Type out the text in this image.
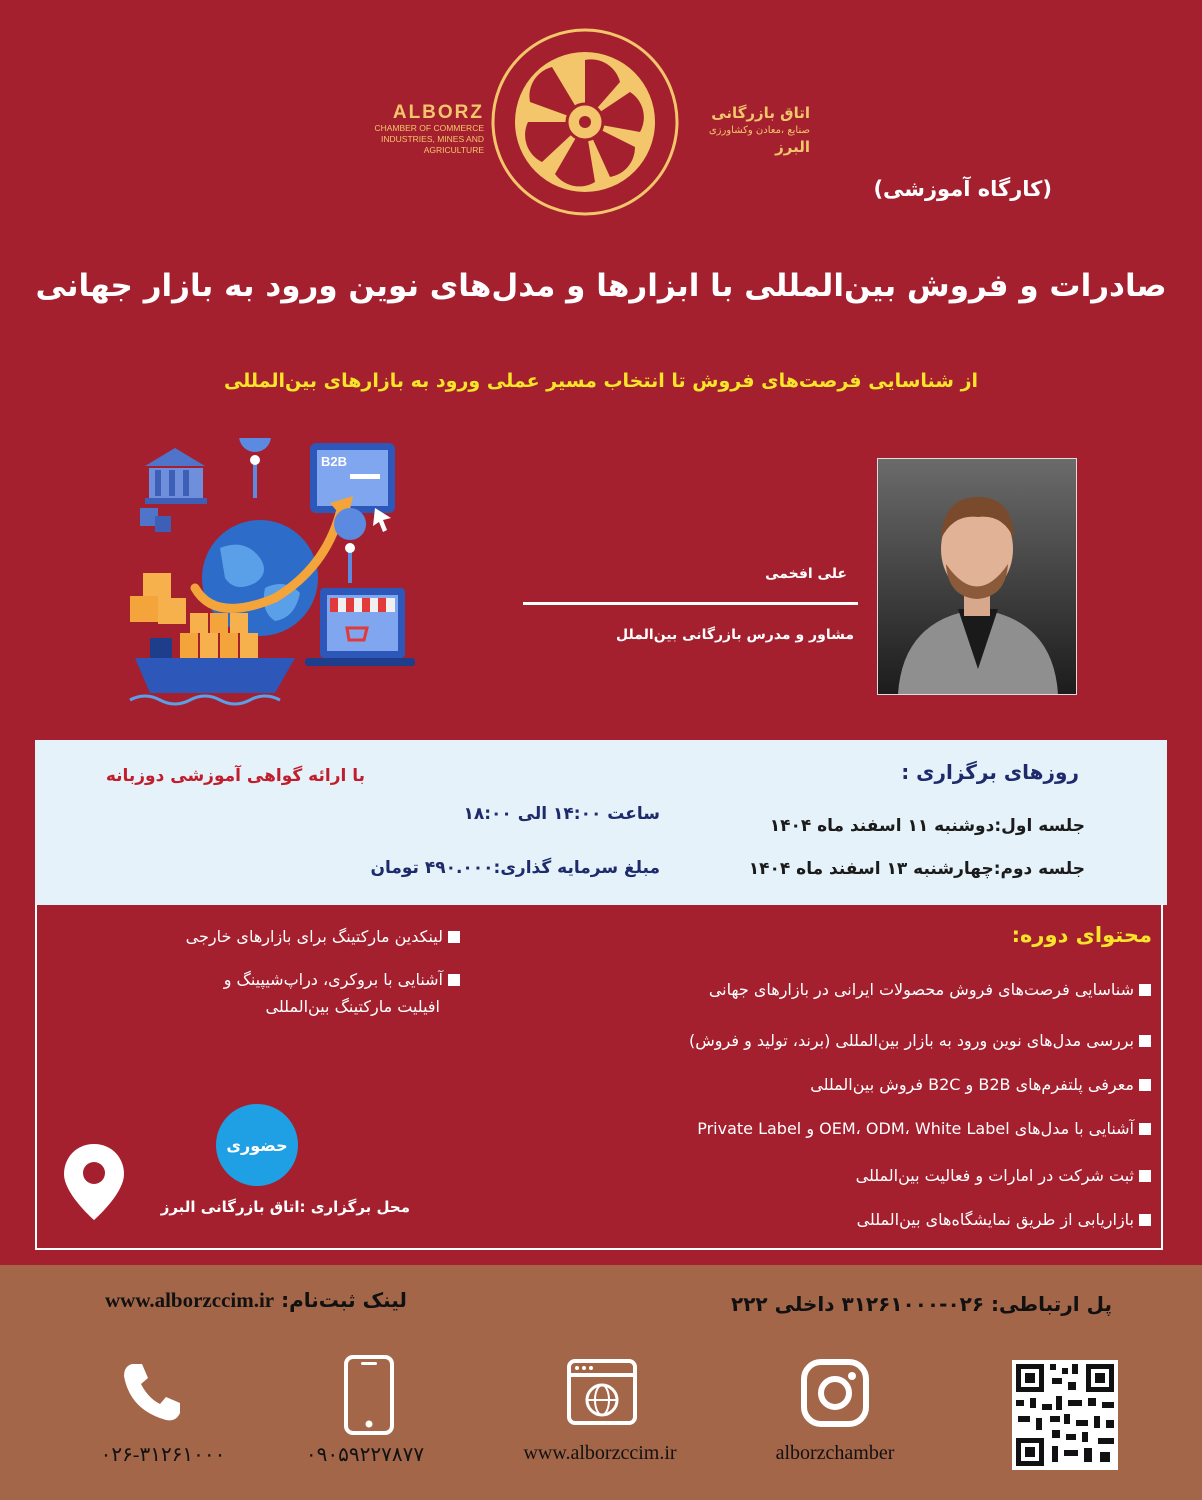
ALBORZ
CHAMBER OF COMMERCE
INDUSTRIES, MINES AND AGRICULTURE
اتاق بازرگانی
صنایع ،معادن وکشاورزی
البرز
(کارگاه آموزشی)
صادرات و فروش بین‌المللی با ابزارها و مدل‌های نوین ورود به بازار جهانی
از شناسایی فرصت‌های فروش تا انتخاب مسیر عملی ورود به بازارهای بین‌المللی
B2B
علی افخمی
مشاور و مدرس بازرگانی بین‌الملل
روزهای برگزاری :
جلسه اول:دوشنبه ۱۱ اسفند ماه ۱۴۰۴
جلسه دوم:چهارشنبه ۱۳ اسفند ماه ۱۴۰۴
با ارائه گواهی آموزشی دوزبانه
ساعت ۱۴:۰۰ الی ۱۸:۰۰
مبلغ سرمایه گذاری:۴۹۰.۰۰۰ تومان
محتوای دوره:
شناسایی فرصت‌های فروش محصولات ایرانی در بازارهای جهانی
بررسی مدل‌های نوین ورود به بازار بین‌المللی (برند، تولید و فروش)
معرفی پلتفرم‌های B2B و B2C فروش بین‌المللی
آشنایی با مدل‌های OEM، ODM، White Label و Private Label
ثبت شرکت در امارات و فعالیت بین‌المللی
بازاریابی از طریق نمایشگاه‌های بین‌المللی
لینکدین مارکتینگ برای بازارهای خارجی
آشنایی با بروکری، دراپ‌شیپینگ و
افیلیت مارکتینگ بین‌المللی
حضوری
محل برگزاری :اتاق بازرگانی البرز
پل ارتباطی: ۰۲۶-۳۱۲۶۱۰۰۰ داخلی ۲۲۲
لینک ثبت‌نام: www.alborzccim.ir
۰۲۶-۳۱۲۶۱۰۰۰	۰۹۰۵۹۲۲۷۸۷۷	www.alborzccim.ir	alborzchamber
